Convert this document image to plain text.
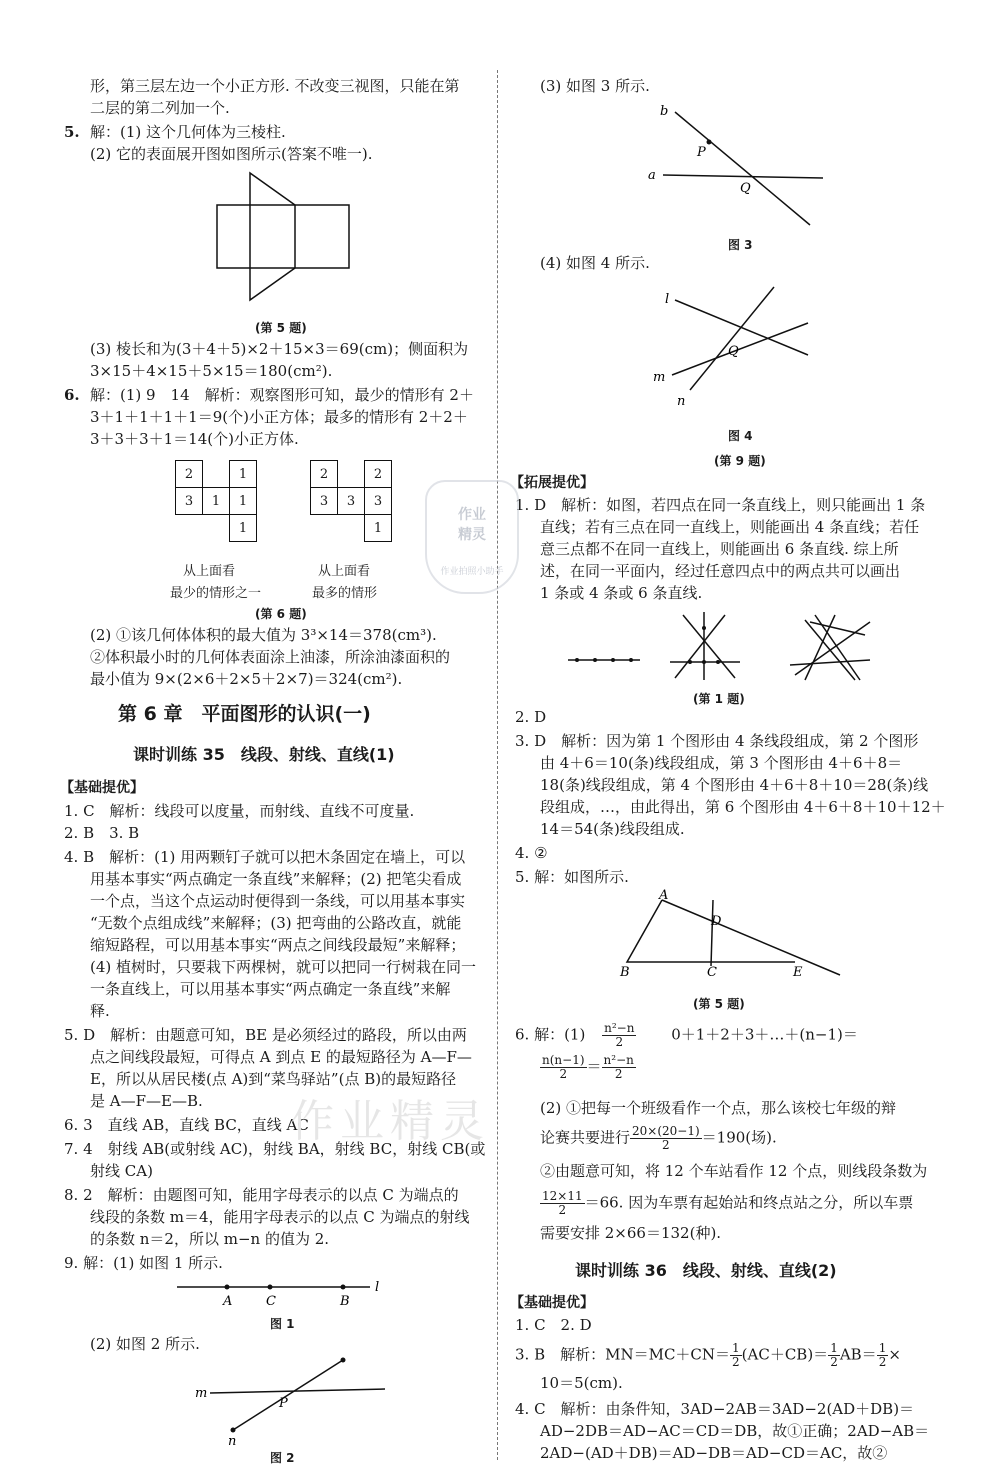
形，第三层左边一个小正方形. 不改变三视图，只能在第
二层的第二列加一个.
5. 解：(1) 这个几何体为三棱柱.
(2) 它的表面展开图如图所示(答案不唯一).
(第 5 题)
(3) 棱长和为(3＋4＋5)×2＋15×3＝69(cm)；侧面积为
3×15＋4×15＋5×15＝180(cm²).
6. 解：(1) 9　14　解析：观察图形可知，最少的情形有 2＋
3＋1＋1＋1＋1＝9(个)小正方体；最多的情形有 2＋2＋
3＋3＋3＋1＝14(个)小正方体.
2		1
3	1	1
		1
从上面看
最少的情形之一
2		2
3	3	3
		1
从上面看
最多的情形
(第 6 题)
(2) ①该几何体体积的最大值为 3³×14＝378(cm³).
②体积最小时的几何体表面涂上油漆，所涂油漆面积的
最小值为 9×(2×6＋2×5＋2×7)＝324(cm²).
第 6 章　平面图形的认识(一)
课时训练 35　线段、射线、直线(1)
【基础提优】
1. C　解析：线段可以度量，而射线、直线不可度量.
2. B　3. B
4. B　解析：(1) 用两颗钉子就可以把木条固定在墙上，可以
用基本事实“两点确定一条直线”来解释；(2) 把笔尖看成
一个点，当这个点运动时便得到一条线，可以用基本事实
“无数个点组成线”来解释；(3) 把弯曲的公路改直，就能
缩短路程，可以用基本事实“两点之间线段最短”来解释；
(4) 植树时，只要栽下两棵树，就可以把同一行树栽在同一
一条直线上，可以用基本事实“两点确定一条直线”来解
释.
5. D　解析：由题意可知，BE 是必须经过的路段，所以由两
点之间线段最短，可得点 A 到点 E 的最短路径为 A—F—
E，所以从居民楼(点 A)到“菜鸟驿站”(点 B)的最短路径
是 A—F—E—B.
6. 3　直线 AB，直线 BC，直线 AC
7. 4　射线 AB(或射线 AC)，射线 BA，射线 BC，射线 CB(或
射线 CA)
8. 2　解析：由题图可知，能用字母表示的以点 C 为端点的
线段的条数 m＝4，能用字母表示的以点 C 为端点的射线
的条数 n＝2，所以 m−n 的值为 2.
9. 解：(1) 如图 1 所示.
A	C	B
l
图 1
(2) 如图 2 所示.
m
P
n
图 2
(3) 如图 3 所示.
b
P
a
Q
图 3
(4) 如图 4 所示.
l
m
Q
n
图 4
(第 9 题)
【拓展提优】
1. D　解析：如图，若四点在同一条直线上，则只能画出 1 条
直线；若有三点在同一直线上，则能画出 4 条直线；若任
意三点都不在同一直线上，则能画出 6 条直线. 综上所
述，在同一平面内，经过任意四点中的两点共可以画出
1 条或 4 条或 6 条直线.
(第 1 题)
2. D
3. D　解析：因为第 1 个图形由 4 条线段组成，第 2 个图形
由 4＋6＝10(条)线段组成，第 3 个图形由 4＋6＋8＝
18(条)线段组成，第 4 个图形由 4＋6＋8＋10＝28(条)线
段组成，…，由此得出，第 6 个图形由 4＋6＋8＋10＋12＋
14＝54(条)线段组成.
4. ②
5. 解：如图所示.
A
D
B	C	E
(第 5 题)
6. 解：$(1) \frac{\text{n²−n}}{2}$ 0＋1＋2＋3＋…＋(n−1)＝
$\frac{n(n-1)}{2} = \frac{\text{n²−n}}{2}$
(2) ①把每一个班级看作一个点，那么该校七年级的辩
论赛共要进行 $\frac{20\times(20-1)}{2} =190$(场).
②由题意可知，将 12 个车站看作 12 个点，则线段条数为
$\frac{12\times 11}{2} =66$. 因为车票有起始站和终点站之分，所以车票
需要安排 2×66＝132(种).
课时训练 36　线段、射线、直线(2)
【基础提优】
1. C　2. D
3. B　解析：$MN=MC+CN= \frac{1}{2} (AC+CB)= \frac{1}{2} AB= \frac{1}{2}$ ×
10＝5(cm).
4. C　解析：由条件知，3AD−2AB＝3AD−2(AD＋DB)＝
AD−2DB＝AD−AC＝CD＝DB，故①正确；2AD−AB＝
2AD−(AD＋DB)＝AD−DB＝AD−CD＝AC，故②
作业
精灵
作业拍照小助手
作业精灵
